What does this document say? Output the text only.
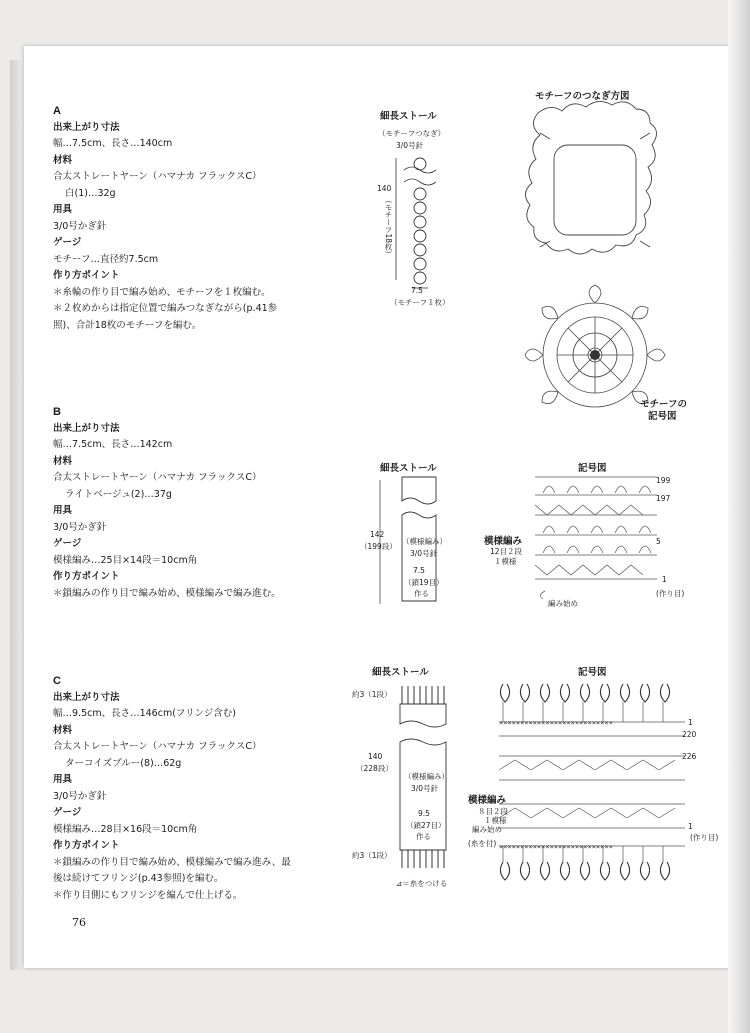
A
出来上がり寸法
幅…7.5cm、長さ…140cm
材料
合太ストレートヤーン（ハマナカ フラックスC）
白(1)…32g
用具
3/0号かぎ針
ゲージ
モチーフ…直径約7.5cm
作り方ポイント
＊糸輪の作り目で編み始め、モチーフを１枚編む。
＊２枚めからは指定位置で編みつなぎながら(p.41参照)、合計18枚のモチーフを編む。
B
出来上がり寸法
幅…7.5cm、長さ…142cm
材料
合太ストレートヤーン（ハマナカ フラックスC）
ライトベージュ(2)…37g
用具
3/0号かぎ針
ゲージ
模様編み…25目×14段＝10cm角
作り方ポイント
＊鎖編みの作り目で編み始め、模様編みで編み進む。
C
出来上がり寸法
幅…9.5cm、長さ…146cm(フリンジ含む)
材料
合太ストレートヤーン（ハマナカ フラックスC）
ターコイズブルー(8)…62g
用具
3/0号かぎ針
ゲージ
模様編み…28目×16段＝10cm角
作り方ポイント
＊鎖編みの作り目で編み始め、模様編みで編み進み、最後は続けてフリンジ(p.43参照)を編む。
＊作り目側にもフリンジを編んで仕上げる。
76
細長ストール
（モチーフつなぎ）
3/0号針
140
（モチーフ18枚）
7.5
（モチーフ１枚）
モチーフのつなぎ方図
モチーフの
記号図
細長ストール
142
（199段）
（模様編み）
3/0号針
7.5
（鎖19目）
作る
記号図
199
197
模様編み
12目２段
１模様
5
1
(作り目)
編み始め
細長ストール
約3（1段）
140
（228段）
（模様編み）
3/0号針
9.5
（鎖27目）
作る
約3（1段）
⊿＝糸をつける
記号図
×××××××××××××××××××××××××××
×××××××××××××××××××××××××××
1
220
226
模様編み
８目２段
１模様
編み始め	1
(作り目)
(糸を付)
